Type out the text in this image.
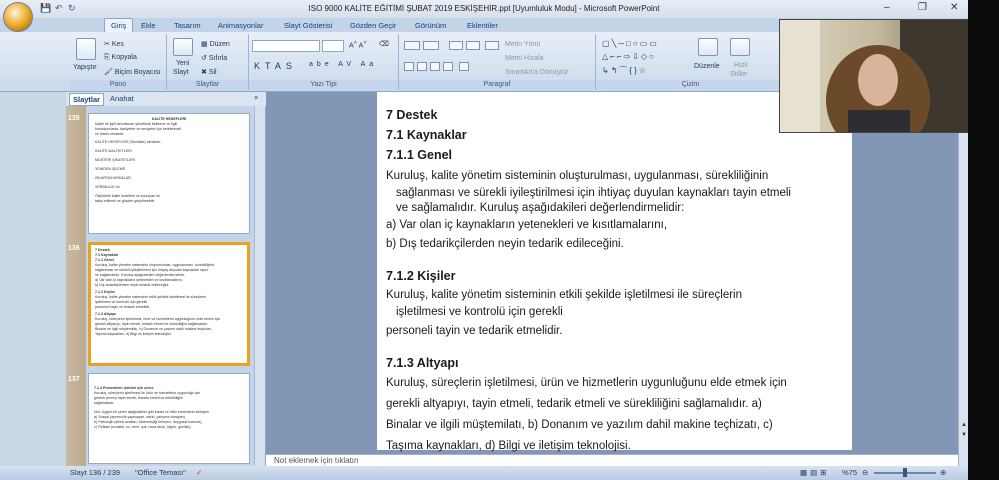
💾 ↶ ↻	ISO 9000 KALİTE EĞİTİMİ ŞUBAT 2019 ESKİŞEHİR.ppt [Uyumluluk Modu] - Microsoft PowerPoint	–	❐ ✕
Giriş	Ekle Tasarım Animasyonlar	Slayt Gösterisi Gözden Geçir Görünüm	Eklentiler
Yapıştır
✂ Kes
⎘ Kopyala
🖌 Biçim Boyacısı
Pano
Yeni
Slayt
▦ Düzen
↺ Sıfırla
✖ Sil
Slaytlar
A˄ A˅ ⌫
KTAS abe AV Aa
Yazı Tipi
Metin Yönü
Metni Hizala
SmartArt'a Dönüştür
Paragraf
▢╲─□○▭▭
△⌐⌐⇨⇩◇○
↳↰⌒{}☆	Düzenle Hızlı
Stiller
Çizim
Slaytlar	Anahat	×
135	KALİTE HEDEFLERİ
Kalite ile ilgili tanımlanan yönetimle belirlenir ve ilgili
fonksiyonlarda, faaliyetler ve seviyeler için belirlenmeli
ve tutarlı olmalıdır.
KALİTE HEDEFLERİ (Sözlükte) olmalıdır.
KALİTE MALİYETLERİ
MÜŞTERİ ŞİKAYETLERİ
YENİDEN İŞLEME
İSKARTA/HURDALAR
VERİMLİLİK vb.
Ölçülebilir kalite hedefleri ve sonuçları ile
takip edilmeli ve gözden geçirilmelidir.
136	7 Destek
7.1 Kaynaklar
7.1.1 Genel
Kuruluş, kalite yönetim sisteminin oluşturulması, uygulanması, sürekliliğinin
sağlanması ve sürekli iyileştirilmesi için ihtiyaç duyulan kaynakları tayin
ve sağlamalıdır. Kuruluş aşağıdakileri değerlendirmelidir:
a) Var olan iç kaynakların yetenekleri ve kısıtlamalarını,
b) Dış tedarikçilerden neyin tedarik edileceğini.
7.1.2 Kişiler
Kuruluş, kalite yönetim sisteminin etkili şekilde işletilmesi ile süreçlerin
işletilmesi ve kontrolü için gerekli
personeli tayin ve tedarik etmelidir.
7.1.3 Altyapı
Kuruluş, süreçlerin işletilmesi, ürün ve hizmetlerin uygunluğunu elde etmek için
gerekli altyapıyı, tayin etmeli, tedarik etmeli ve sürekliliğini sağlamalıdır.
Binalar ve ilgili müştemilatı, b) Donanım ve yazılım dahil makine teçhizatı,
Taşıma kaynakları, d) Bilgi ve iletişim teknolojisi.
137
7.1.4 Proseslerin işletimi için çevre
Kuruluş, süreçlerin işletilmesi ile ürün ve hizmetlerin uygunluğu için
gerekli çevreyi tayin etmeli, tedarik etmeli ve sürekliliğini
sağlamalıdır.
Not: Uygun bir çevre aşağıdakiler gibi insani ve fiziki etmenlerin birleşimi
a) Sosyal (ayrımcılık yapmayan, sakin, çatışma olmayan),
b) Psikolojik (stresi azaltan, tükenmişliği önleyen, duygusal koruma),
c) Fiziksel (sıcaklık, ısı, nem, ışık, hava akışı, hijyen, gürültü).
7 Destek
7.1 Kaynaklar
7.1.1 Genel
Kuruluş, kalite yönetim sisteminin oluşturulması, uygulanması, sürekliliğinin
sağlanması ve sürekli iyileştirilmesi için ihtiyaç duyulan kaynakları tayin etmeli
ve sağlamalıdır. Kuruluş aşağıdakileri değerlendirmelidir:
a) Var olan iç kaynakların yetenekleri ve kısıtlamalarını,
b) Dış tedarikçilerden neyin tedarik edileceğini.
7.1.2 Kişiler
Kuruluş, kalite yönetim sisteminin etkili şekilde işletilmesi ile süreçlerin
işletilmesi ve kontrolü için gerekli
personeli tayin ve tedarik etmelidir.
7.1.3 Altyapı
Kuruluş, süreçlerin işletilmesi, ürün ve hizmetlerin uygunluğunu elde etmek için
gerekli altyapıyı, tayin etmeli, tedarik etmeli ve sürekliliğini sağlamalıdır. a)
Binalar ve ilgili müştemilatı, b) Donanım ve yazılım dahil makine teçhizatı, c)
Taşıma kaynakları, d) Bilgi ve iletişim teknolojisi.
▲
▼
Not eklemek için tıklatın
Slayt 136 / 239 "Office Teması" ✓	▦▤⊞ %75 ⊖	⊕
